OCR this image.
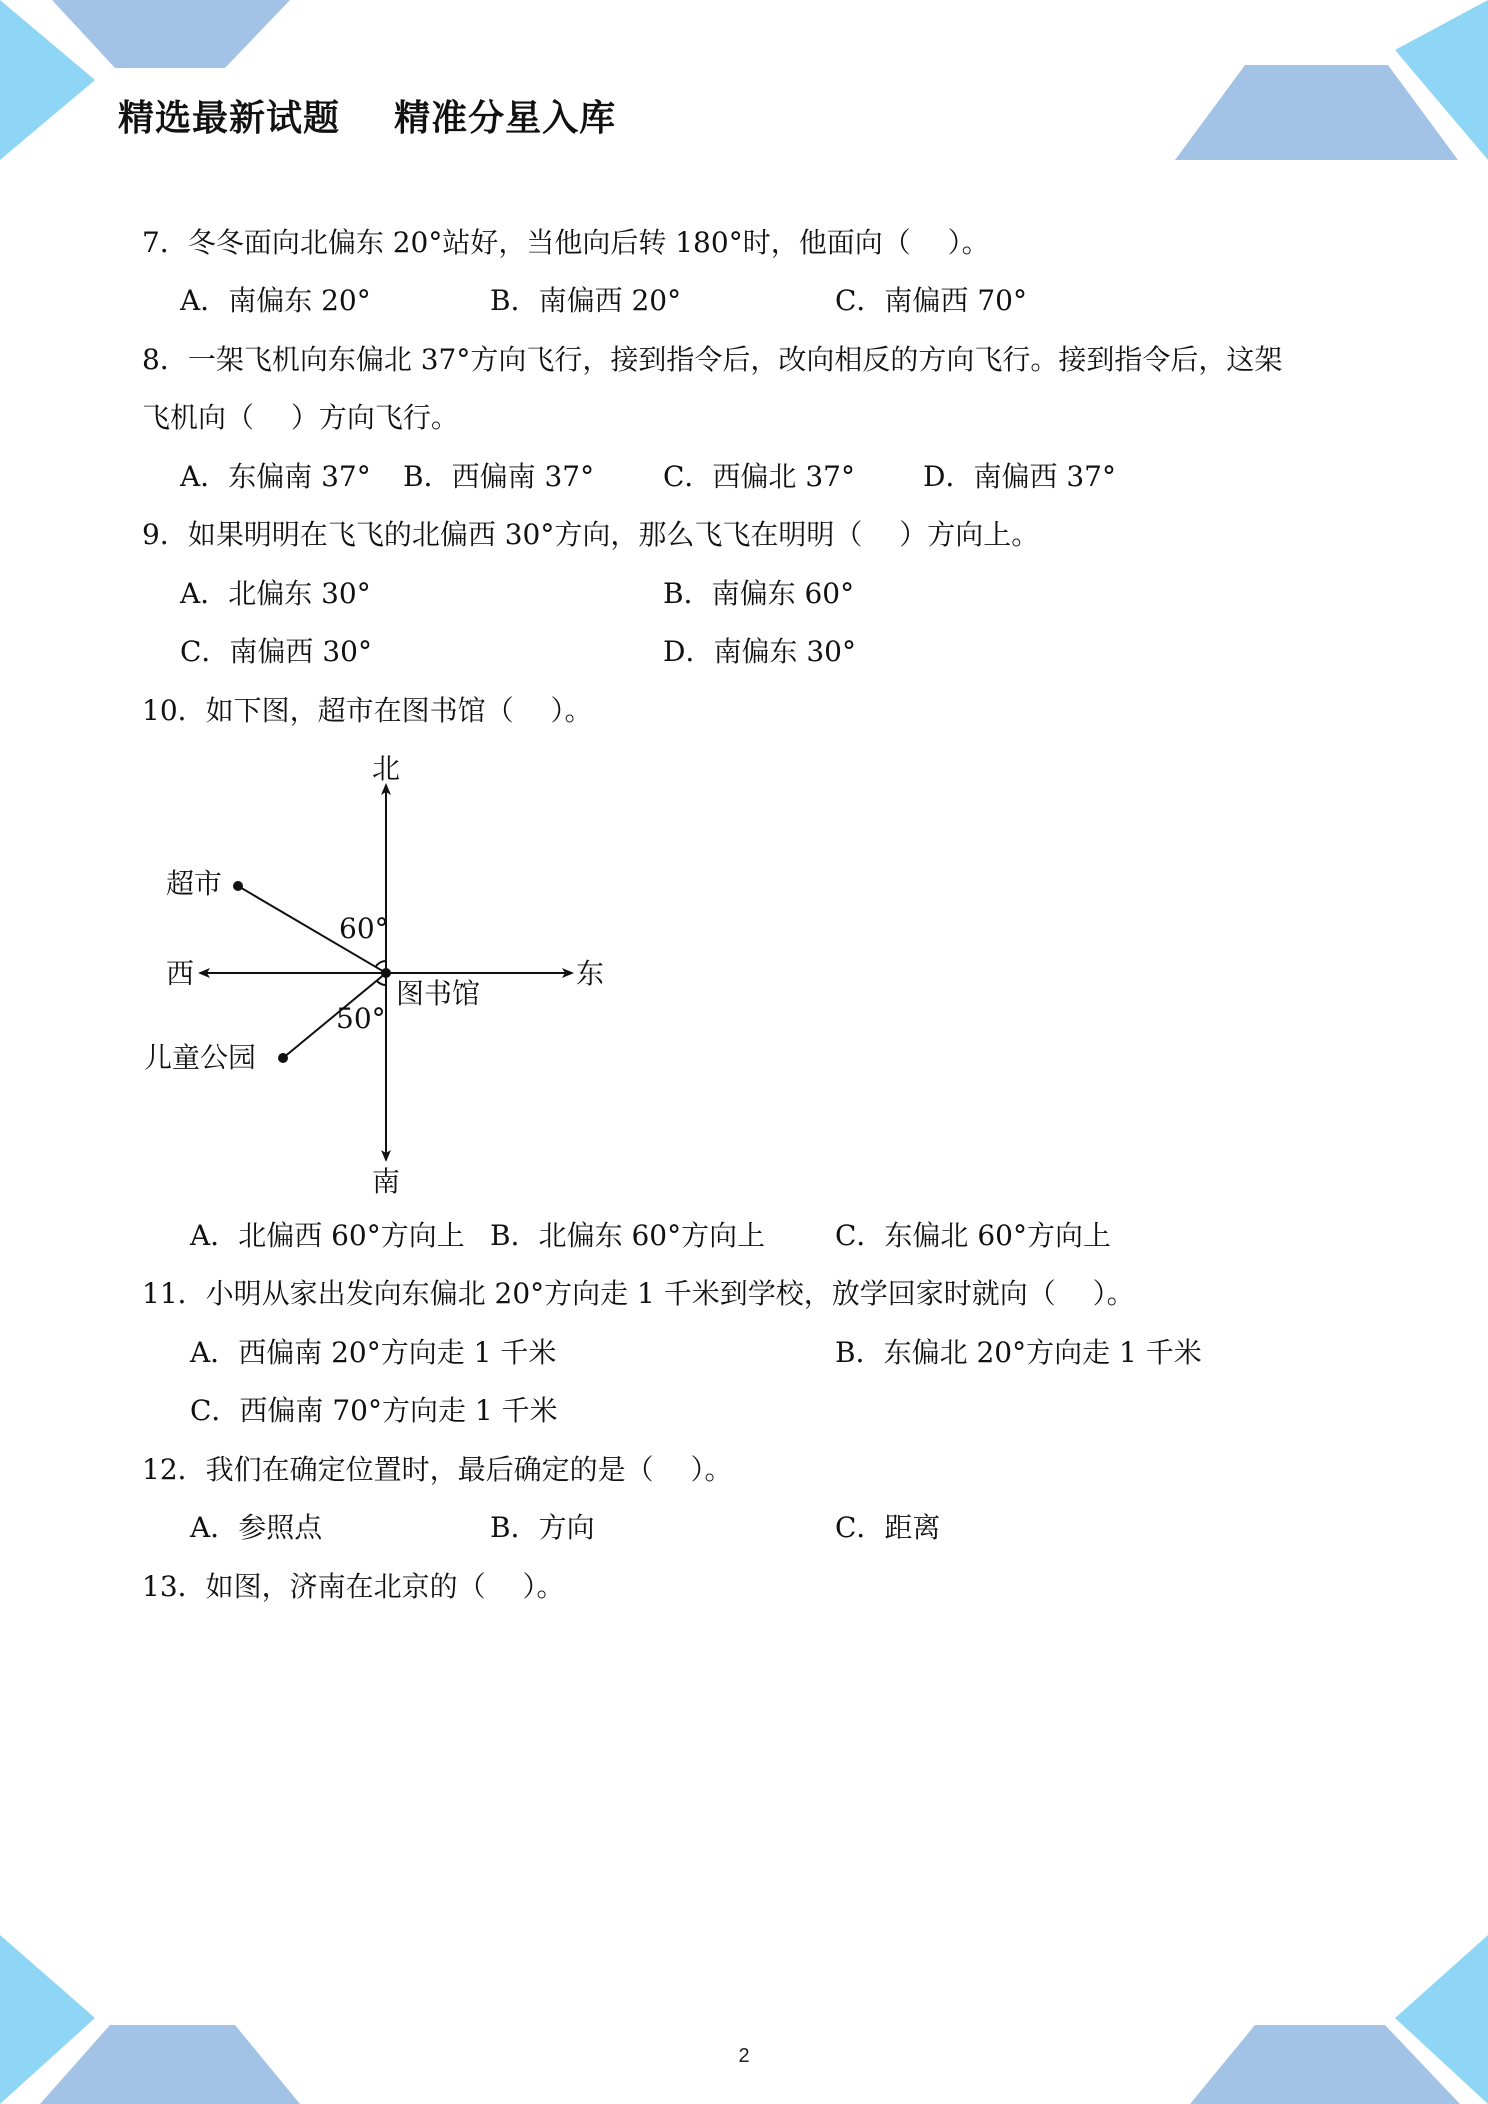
精选最新试题    精准分星入库
7．冬冬面向北偏东 20°站好，当他向后转 180°时，他面向（　 ）。
A．南偏东 20°	B．南偏西 20°	C．南偏西 70°
8．一架飞机向东偏北 37°方向飞行，接到指令后，改向相反的方向飞行。接到指令后，这架
飞机向（　 ）方向飞行。
A．东偏南 37° B．西偏南 37° C．西偏北 37° D．南偏西 37°
9．如果明明在飞飞的北偏西 30°方向，那么飞飞在明明（　 ）方向上。
A．北偏东 30°	B．南偏东 60°
C．南偏西 30°	D．南偏东 30°
10．如下图，超市在图书馆（　 ）。
北
南
东
西
图书馆
超市
儿童公园
60°
50°
A．北偏西 60°方向上 B．北偏东 60°方向上 C．东偏北 60°方向上
11．小明从家出发向东偏北 20°方向走 1 千米到学校，放学回家时就向（　 ）。
A．西偏南 20°方向走 1 千米	B．东偏北 20°方向走 1 千米
C．西偏南 70°方向走 1 千米
12．我们在确定位置时，最后确定的是（　 ）。
A．参照点	B．方向	C．距离
13．如图，济南在北京的（　 ）。
2
